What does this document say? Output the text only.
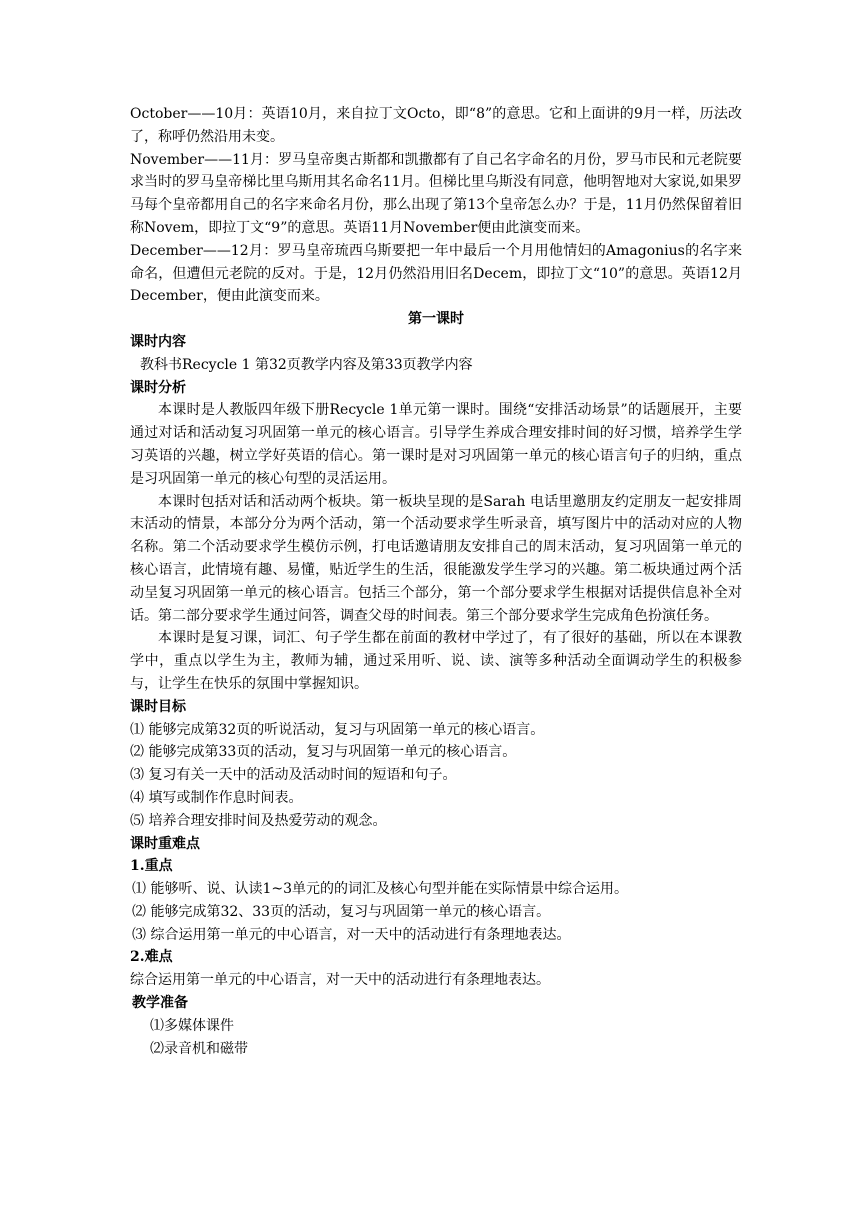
October——10月：英语10月，来自拉丁文Octo，即“8”的意思。它和上面讲的9月一样，历法改了，称呼仍然沿用未变。

November——11月：罗马皇帝奥古斯都和凯撒都有了自己名字命名的月份，罗马市民和元老院要求当时的罗马皇帝梯比里乌斯用其名命名11月。但梯比里乌斯没有同意，他明智地对大家说,如果罗马每个皇帝都用自己的名字来命名月份，那么出现了第13个皇帝怎么办？于是，11月仍然保留着旧称Novem，即拉丁文“9”的意思。英语11月November便由此演变而来。

December——12月：罗马皇帝琉西乌斯要把一年中最后一个月用他情妇的Amagonius的名字来命名，但遭但元老院的反对。于是，12月仍然沿用旧名Decem，即拉丁文“10”的意思。英语12月December，便由此演变而来。

第一课时

课时内容

教科书Recycle 1 第32页教学内容及第33页教学内容

课时分析

本课时是人教版四年级下册Recycle 1单元第一课时。围绕“安排活动场景”的话题展开，主要通过对话和活动复习巩固第一单元的核心语言。引导学生养成合理安排时间的好习惯，培养学生学习英语的兴趣，树立学好英语的信心。第一课时是对习巩固第一单元的核心语言句子的归纳，重点是习巩固第一单元的核心句型的灵活运用。

本课时包括对话和活动两个板块。第一板块呈现的是Sarah 电话里邀朋友约定朋友一起安排周末活动的情景，本部分分为两个活动，第一个活动要求学生听录音，填写图片中的活动对应的人物名称。第二个活动要求学生模仿示例，打电话邀请朋友安排自己的周末活动，复习巩固第一单元的核心语言，此情境有趣、易懂，贴近学生的生活，很能激发学生学习的兴趣。第二板块通过两个活动呈复习巩固第一单元的核心语言。包括三个部分，第一个部分要求学生根据对话提供信息补全对话。第二部分要求学生通过问答，调查父母的时间表。第三个部分要求学生完成角色扮演任务。

本课时是复习课，词汇、句子学生都在前面的教材中学过了，有了很好的基础，所以在本课教学中，重点以学生为主，教师为辅，通过采用听、说、读、演等多种活动全面调动学生的积极参与，让学生在快乐的氛围中掌握知识。

课时目标

⑴ 能够完成第32页的听说活动，复习与巩固第一单元的核心语言。

⑵ 能够完成第33页的活动，复习与巩固第一单元的核心语言。

⑶ 复习有关一天中的活动及活动时间的短语和句子。

⑷ 填写或制作作息时间表。

⑸ 培养合理安排时间及热爱劳动的观念。

课时重难点

1.重点

⑴ 能够听、说、认读1~3单元的的词汇及核心句型并能在实际情景中综合运用。

⑵ 能够完成第32、33页的活动，复习与巩固第一单元的核心语言。

⑶ 综合运用第一单元的中心语言，对一天中的活动进行有条理地表达。

2.难点

综合运用第一单元的中心语言，对一天中的活动进行有条理地表达。

教学准备

⑴多媒体课件

⑵录音机和磁带
